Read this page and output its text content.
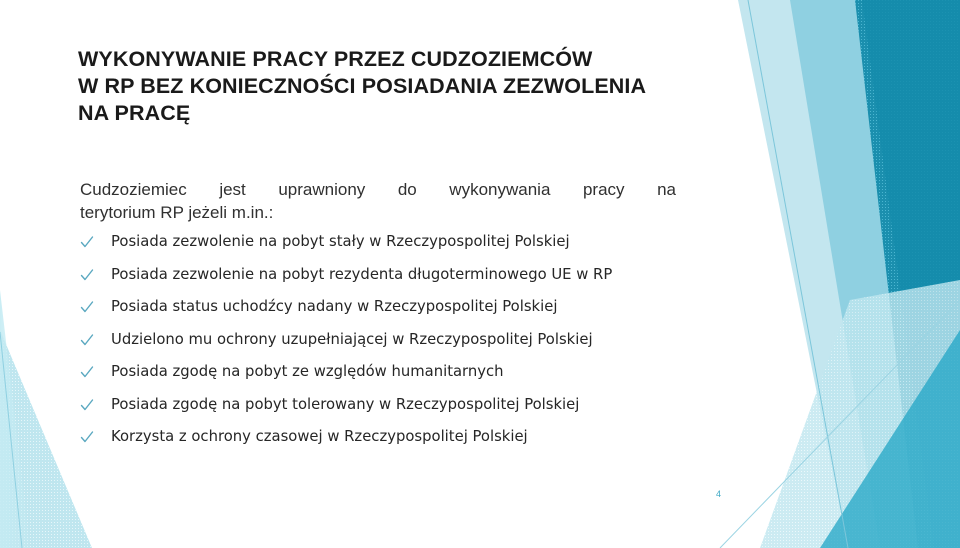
WYKONYWANIE PRACY PRZEZ CUDZOZIEMCÓW
W RP BEZ KONIECZNOŚCI POSIADANIA ZEZWOLENIA
NA PRACĘ

Cudzoziemiec jest uprawniony do wykonywania pracy na
terytorium RP jeżeli m.in.:

Posiada zezwolenie na pobyt stały w Rzeczypospolitej Polskiej
Posiada zezwolenie na pobyt rezydenta długoterminowego UE w RP
Posiada status uchodźcy nadany w Rzeczypospolitej Polskiej
Udzielono mu ochrony uzupełniającej w Rzeczypospolitej Polskiej
Posiada zgodę na pobyt ze względów humanitarnych
Posiada zgodę na pobyt tolerowany w Rzeczypospolitej Polskiej
Korzysta z ochrony czasowej w Rzeczypospolitej Polskiej
4
